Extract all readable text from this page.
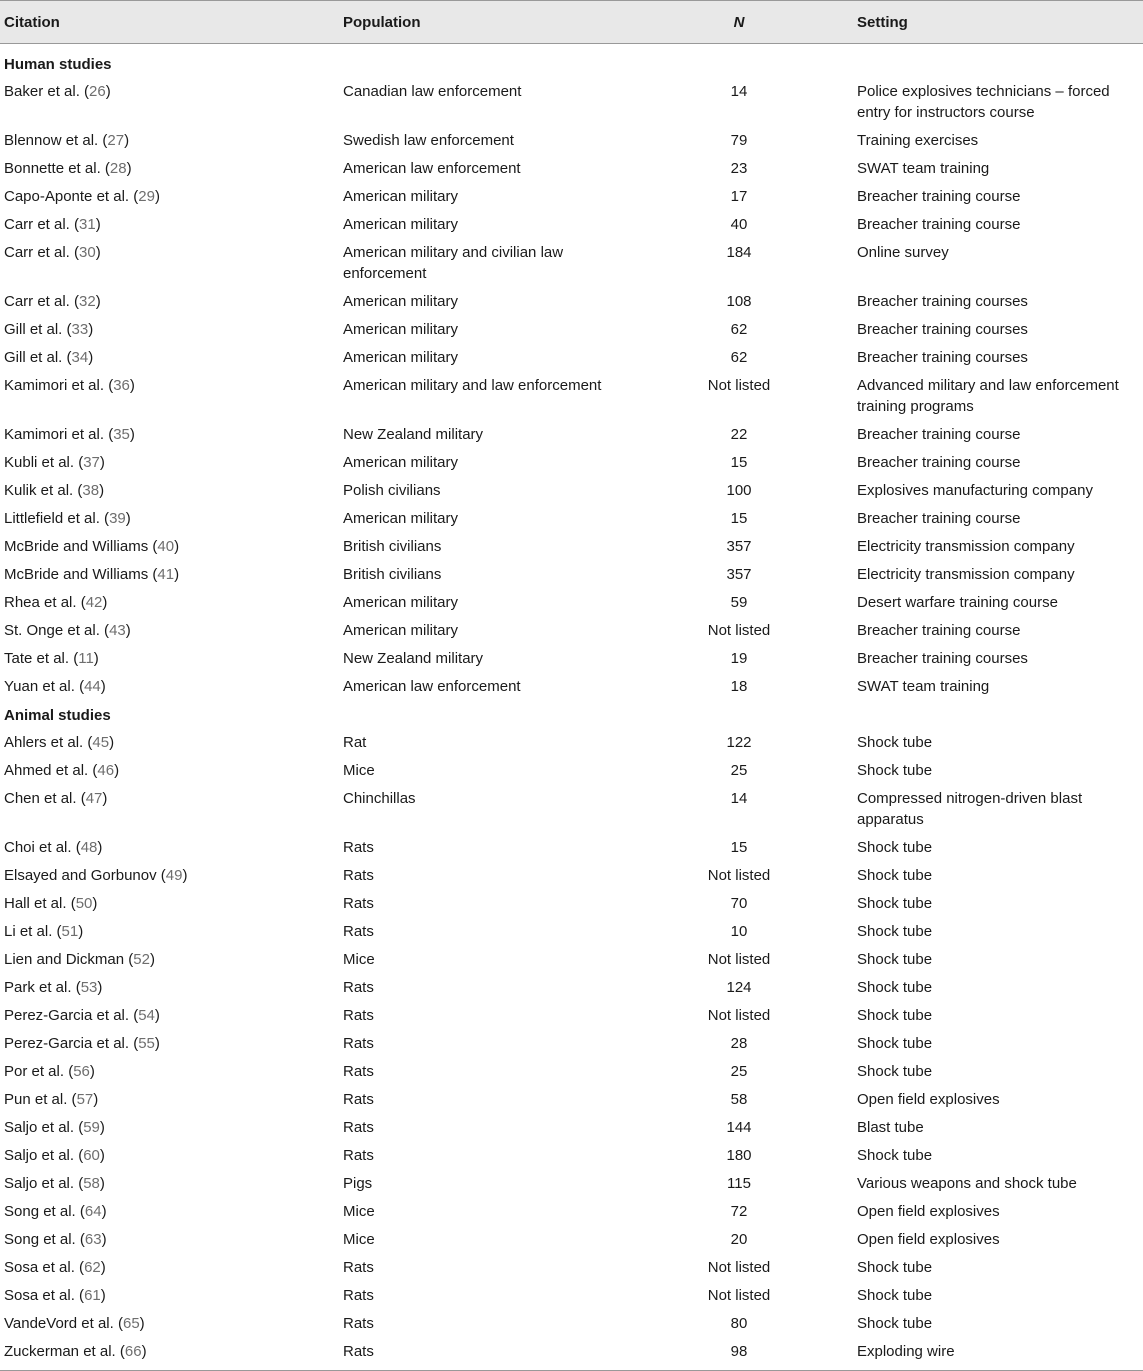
Citation	Population	N	Setting
Human studies			
Baker et al. (26)	Canadian law enforcement	14	Police explosives technicians – forced entry for instructors course
Blennow et al. (27)	Swedish law enforcement	79	Training exercises
Bonnette et al. (28)	American law enforcement	23	SWAT team training
Capo-Aponte et al. (29)	American military	17	Breacher training course
Carr et al. (31)	American military	40	Breacher training course
Carr et al. (30)	American military and civilian law enforcement	184	Online survey
Carr et al. (32)	American military	108	Breacher training courses
Gill et al. (33)	American military	62	Breacher training courses
Gill et al. (34)	American military	62	Breacher training courses
Kamimori et al. (36)	American military and law enforcement	Not listed	Advanced military and law enforcement training programs
Kamimori et al. (35)	New Zealand military	22	Breacher training course
Kubli et al. (37)	American military	15	Breacher training course
Kulik et al. (38)	Polish civilians	100	Explosives manufacturing company
Littlefield et al. (39)	American military	15	Breacher training course
McBride and Williams (40)	British civilians	357	Electricity transmission company
McBride and Williams (41)	British civilians	357	Electricity transmission company
Rhea et al. (42)	American military	59	Desert warfare training course
St. Onge et al. (43)	American military	Not listed	Breacher training course
Tate et al. (11)	New Zealand military	19	Breacher training courses
Yuan et al. (44)	American law enforcement	18	SWAT team training
Animal studies			
Ahlers et al. (45)	Rat	122	Shock tube
Ahmed et al. (46)	Mice	25	Shock tube
Chen et al. (47)	Chinchillas	14	Compressed nitrogen-driven blast apparatus
Choi et al. (48)	Rats	15	Shock tube
Elsayed and Gorbunov (49)	Rats	Not listed	Shock tube
Hall et al. (50)	Rats	70	Shock tube
Li et al. (51)	Rats	10	Shock tube
Lien and Dickman (52)	Mice	Not listed	Shock tube
Park et al. (53)	Rats	124	Shock tube
Perez-Garcia et al. (54)	Rats	Not listed	Shock tube
Perez-Garcia et al. (55)	Rats	28	Shock tube
Por et al. (56)	Rats	25	Shock tube
Pun et al. (57)	Rats	58	Open field explosives
Saljo et al. (59)	Rats	144	Blast tube
Saljo et al. (60)	Rats	180	Shock tube
Saljo et al. (58)	Pigs	115	Various weapons and shock tube
Song et al. (64)	Mice	72	Open field explosives
Song et al. (63)	Mice	20	Open field explosives
Sosa et al. (62)	Rats	Not listed	Shock tube
Sosa et al. (61)	Rats	Not listed	Shock tube
VandeVord et al. (65)	Rats	80	Shock tube
Zuckerman et al. (66)	Rats	98	Exploding wire
